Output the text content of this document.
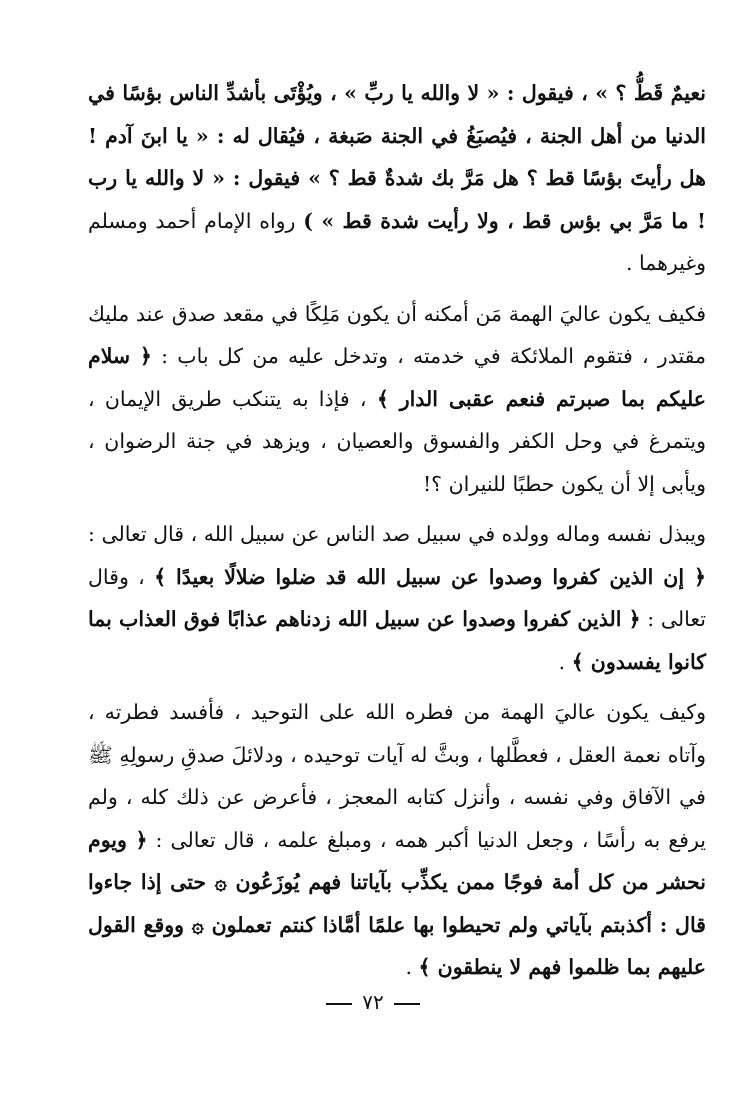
نعيمٌ قَطُّ ؟ » ، فيقول : « لا والله يا ربِّ » ، ويُؤْتَى بأشدِّ الناس بؤسًا في الدنيا من أهل الجنة ، فيُصبَغُ في الجنة صَبغة ، فيُقال له : « يا ابنَ آدم ! هل رأيتَ بؤسًا قط ؟ هل مَرَّ بك شدةٌ قط ؟ » فيقول : « لا والله يا رب ! ما مَرَّ بي بؤس قط ، ولا رأيت شدة قط » ) رواه الإمام أحمد ومسلم وغيرهما .

فكيف يكون عاليَ الهمة مَن أمكنه أن يكون مَلِكًا في مقعد صدق عند مليك مقتدر ، فتقوم الملائكة في خدمته ، وتدخل عليه من كل باب : ﴿ سلام عليكم بما صبرتم فنعم عقبى الدار ﴾ ، فإذا به يتنكب طريق الإيمان ، ويتمرغ في وحل الكفر والفسوق والعصيان ، ويزهد في جنة الرضوان ، ويأبى إلا أن يكون حطبًا للنيران ؟!

ويبذل نفسه وماله وولده في سبيل صد الناس عن سبيل الله ، قال تعالى : ﴿ إن الذين كفروا وصدوا عن سبيل الله قد ضلوا ضلالًا بعيدًا ﴾ ، وقال تعالى : ﴿ الذين كفروا وصدوا عن سبيل الله زدناهم عذابًا فوق العذاب بما كانوا يفسدون ﴾ .

وكيف يكون عاليَ الهمة من فطره الله على التوحيد ، فأفسد فطرته ، وآتاه نعمة العقل ، فعطَّلها ، وبثَّ له آيات توحيده ، ودلائلَ صدقِ رسولِهِ ﷺ في الآفاق وفي نفسه ، وأنزل كتابه المعجز ، فأعرض عن ذلك كله ، ولم يرفع به رأسًا ، وجعل الدنيا أكبر همه ، ومبلغ علمه ، قال تعالى : ﴿ ويوم نحشر من كل أمة فوجًا ممن يكذِّب بآياتنا فهم يُوزَعُون ۞ حتى إذا جاءوا قال : أكذبتم بآياتي ولم تحيطوا بها علمًا أمَّاذا كنتم تعملون ۞ ووقع القول عليهم بما ظلموا فهم لا ينطقون ﴾ .

٧٢
